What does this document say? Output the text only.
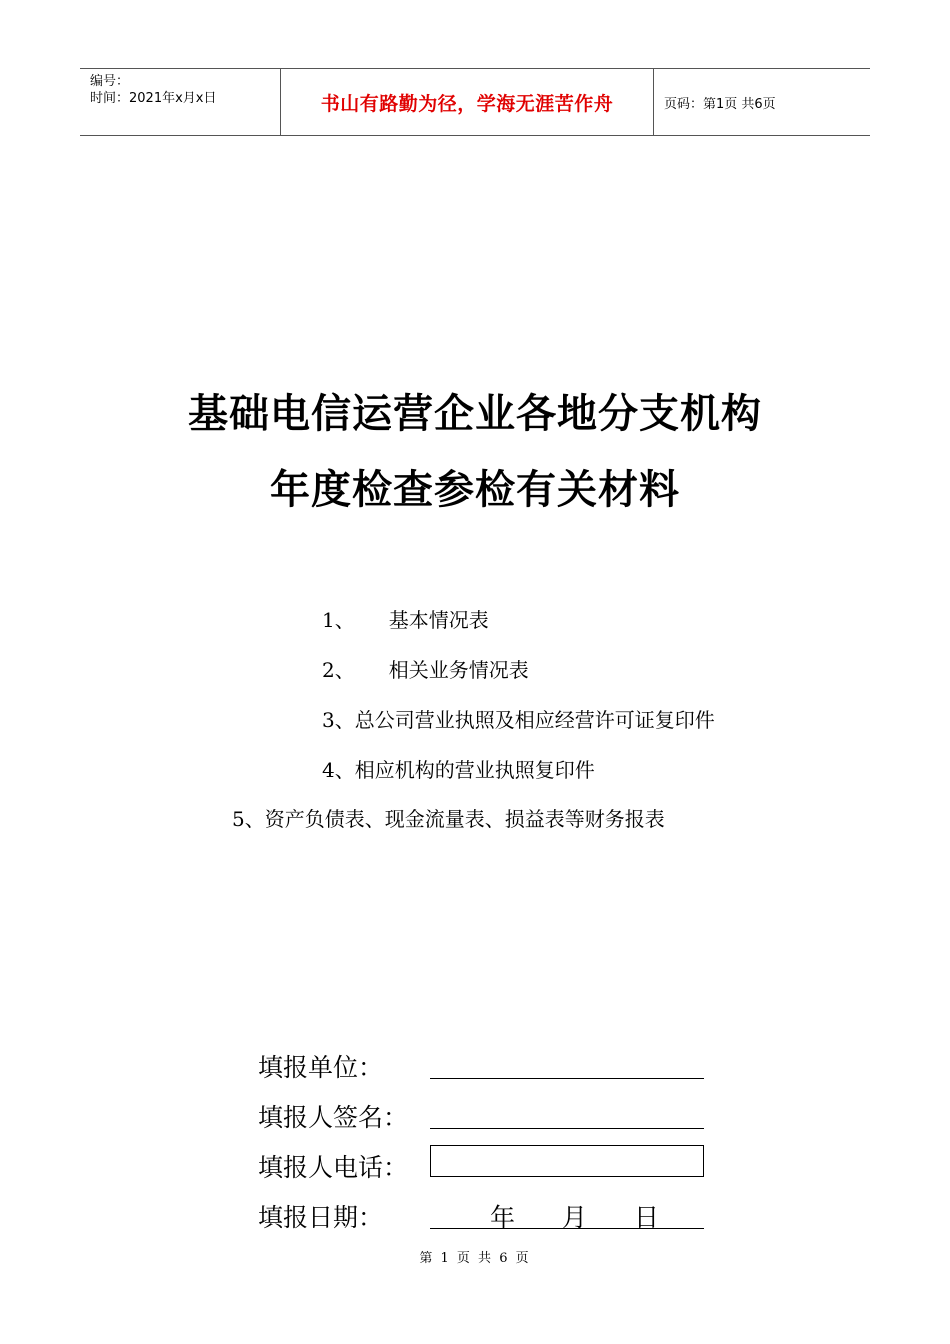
编号：
时间：2021年x月x日	书山有路勤为径，学海无涯苦作舟	页码：第1页 共6页
基础电信运营企业各地分支机构
年度检查参检有关材料
1、 基本情况表
2、 相关业务情况表
3、总公司营业执照及相应经营许可证复印件
4、相应机构的营业执照复印件
5、资产负债表、现金流量表、损益表等财务报表
填报单位：
填报人签名：
填报人电话：
填报日期：	年 月 日
第 1 页 共 6 页
